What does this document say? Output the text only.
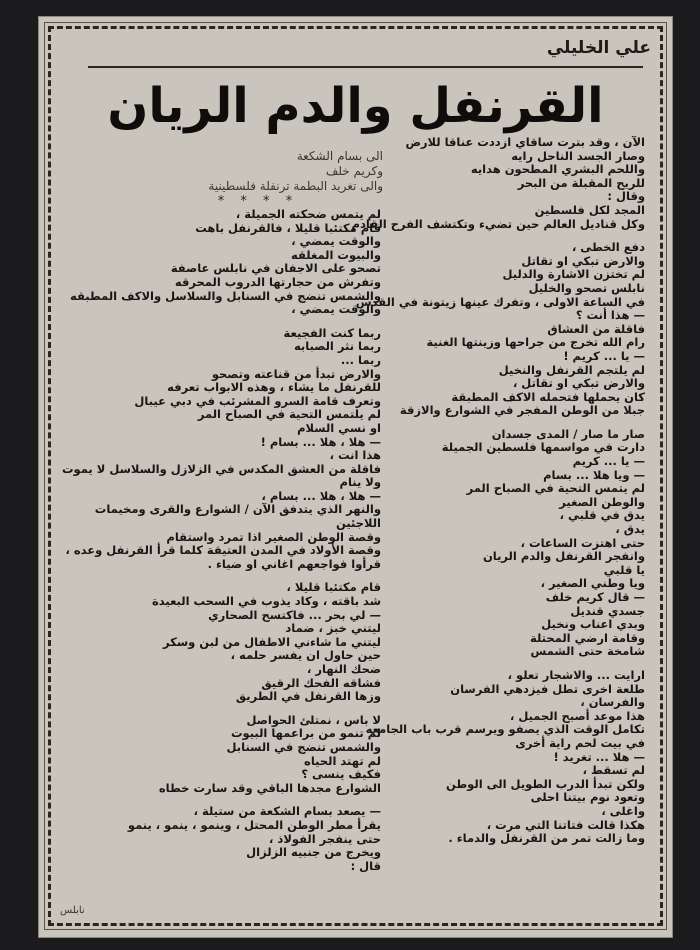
علي الخليلي
القرنفل والدم الريان
الى بسام الشكعة
وكريم خلف
والى تغريد البطمة ترنفلة فلسطينية
* * * *
الآن ، وقد بترت ساقاي ازددت عناقا للارض
وصار الجسد الناحل رايه
واللحم البشري المطحون هدايه
للريح المقبلة من البحر
وقال :
المجد لكل فلسطين
وكل قناديل العالم حين تضيء وتكتشف الفرح القادم
دفع الخطى ،
والارض تبكي او تقاتل
لم تختزن الاشارة والدليل
نابلس تصحو والخليل
في الساعة الاولى ، وتفرك عينها زيتونة في القدس
— هذا أنت ؟
فاقلة من العشاق
رام الله تخرج من جراحها وزينتها الغنية
— يا ... كريم !
لم يلتجم القرنفل والنخيل
والارض تبكي او تقاتل ،
كان يحملها فتحمله الاكف المطبقة
جبلا من الوطن المفجر في الشوارع والازقة
صار ما صار / المدى جسدان
دارت في مواسمها فلسطين الجميلة
— يا ... كريم
— ويا هلا ... بسام
لم يتمس التحية في الصباح المر
والوطن الصغير
يدق في قلبي ،
يدق ،
حتى اهتزت الساعات ،
وانفجر القرنفل والدم الريان
يا قلبي
ويا وطني الصغير ،
— قال كريم خلف
جسدي قنديل
وبدي اعناب ونخيل
وقامة ارضي المحتلة
شامخة حتى الشمس
ارايت ... والاشجار تعلو ،
طلعة اخرى تطل فيزدهي الفرسان
والفرسان ،
هذا موعد أصبح الجميل ،
تكامل الوقت الذي يصفو ويرسم قرب باب الجامعه
في بيت لحم راية أخرى
— هلا ... تغريد !
لم تسقط ،
ولكن تبدأ الدرب الطويل الى الوطن
وتعود نوم بيتنا احلى
واغلى ،
هكذا قالت فتاتنا التي مرت ،
وما زالت تمر من القرنفل والدماء .
لم يتمس ضحكته الجميلة ،
قام مكتئبا قليلا ، فالقرنفل باهت
والوقت يمضي ،
والبيوت المغلقه
تصحو على الاجفان في نابلس عاصفة
وتفرش من حجارتها الدروب المحرقه
والشمس تنضج في السنابل والسلاسل والاكف المطبقه
والوقت يمضي ،
ربما كنت الفجيعة
ربما نثر الصبابه
ربما ...
والارض تبدأ من قناعته وتصحو
للقرنفل ما يشاء ، وهذه الابواب تعرفه
وتعرف قامة السرو المشرئب في دبي عيبال
لم يلتمس التحية في الصباح المر
او نسي السلام
— هلا ، هلا ... بسام !
هذا انت ،
فاقلة من العشق المكدس في الزلازل والسلاسل لا يموت
ولا ينام
— هلا ، هلا ... بسام ،
والنهر الذي يتدفق الآن / الشوارع والقرى ومخيمات
اللاجئين
وقصة الوطن الصغير اذا تمرد واستقام
وقصة الأولاد في المدن العتيقة كلما قرأ القرنفل وعده ،
قرأوا فواجعهم اغاني او ضياء .
قام مكتئبا قليلا ،
شد باقته ، وكاد يذوب في السحب البعيدة
— لي بحر ... فاكتسح الصحاري
ليتني خبز ، ضماد
ليتني ما شاءني الاطفال من لبن وسكر
حين حاول ان يفسر حلمه ،
ضحك النهار ،
فشاقه الفحك الرقيق
وزها القرنفل في الطريق
لا باس ، نمتلئ الحواصل
لم تنمو من براعمها البيوت
والشمس تنضج في السنابل
لم تهتد الحياه
فكيف ينسى ؟
الشوارع مجدها الباقي وقد سارت خطاه
— يصعد بسام الشكعة من ستيلة ،
يقرأ مطر الوطن المحتل ، وينمو ، ينمو ، ينمو
حتى ينفجر الفولاذ ،
ويخرج من جنبيه الزلزال
قال :
نابلس
